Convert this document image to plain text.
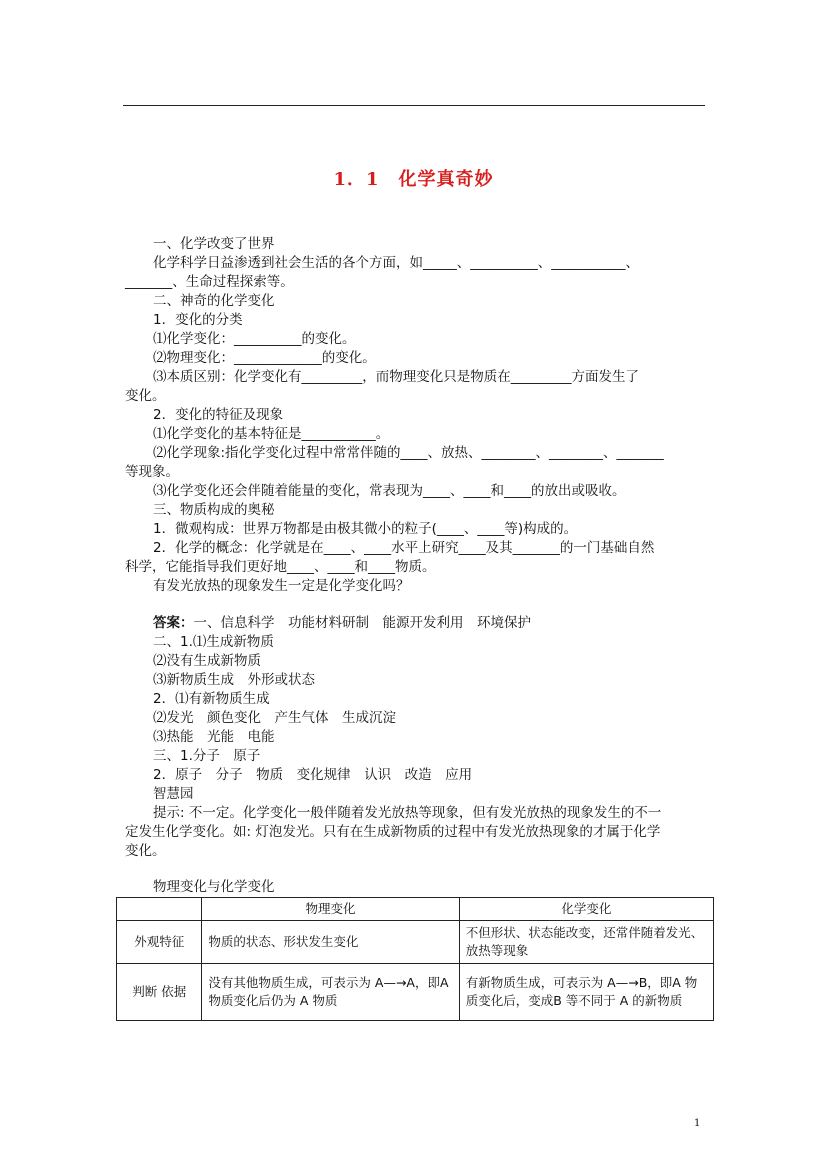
1．1　化学真奇妙
一、化学改变了世界
化学科学日益渗透到社会生活的各个方面，如_____、__________、___________、
_______、生命过程探索等。
二、神奇的化学变化
1．变化的分类
⑴化学变化：__________的变化。
⑵物理变化：_____________的变化。
⑶本质区别：化学变化有_________，而物理变化只是物质在_________方面发生了
变化。
2．变化的特征及现象
⑴化学变化的基本特征是___________。
⑵化学现象:指化学变化过程中常常伴随的____、放热、________、________、_______
等现象。
⑶化学变化还会伴随着能量的变化，常表现为____、____和____的放出或吸收。
三、物质构成的奥秘
1．微观构成：世界万物都是由极其微小的粒子(____、____等)构成的。
2．化学的概念：化学就是在____、____水平上研究____及其_______的一门基础自然
科学，它能指导我们更好地____、____和____物质。
有发光放热的现象发生一定是化学变化吗？
答案：一、信息科学　功能材料研制　能源开发利用　环境保护
二、1.⑴生成新物质
⑵没有生成新物质
⑶新物质生成　外形或状态
2．⑴有新物质生成
⑵发光　颜色变化　产生气体　生成沉淀
⑶热能　光能　电能
三、1.分子　原子
2．原子　分子　物质　变化规律　认识　改造　应用
智慧园
提示: 不一定。化学变化一般伴随着发光放热等现象，但有发光放热的现象发生的不一
定发生化学变化。如: 灯泡发光。只有在生成新物质的过程中有发光放热现象的才属于化学
变化。
物理变化与化学变化
	物理变化	化学变化
外观特征	物质的状态、形状发生变化	不但形状、状态能改变，还常伴随着发光、放热等现象
判断 依据	没有其他物质生成，可表示为 A—→A，即A 物质变化后仍为 A 物质	有新物质生成，可表示为 A—→B，即A 物质变化后，变成B 等不同于 A 的新物质
1
